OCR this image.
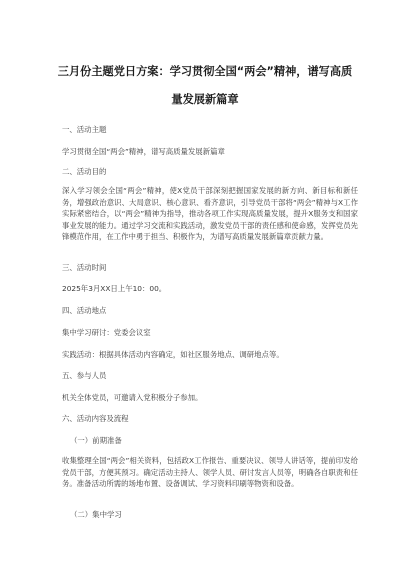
三月份主题党日方案：学习贯彻全国“两会”精神，谱写高质
量发展新篇章
一、活动主题
学习贯彻全国“两会”精神，谱写高质量发展新篇章
二、活动目的
深入学习领会全国“两会”精神，使X党员干部深刻把握国家发展的新方向、新目标和新任务，增强政治意识、大局意识、核心意识、看齐意识，引导党员干部将“两会”精神与X工作实际紧密结合，以“两会”精神为指导，推动各项工作实现高质量发展，提升X服务支和国家事业发展的能力。通过学习交流和实践活动，激发党员干部的责任感和使命感，发挥党员先锋模范作用，在工作中勇于担当、积极作为，为谱写高质量发展新篇章贡献力量。
三、活动时间
2025年3月XX日上午10：00。
四、活动地点
集中学习研讨：党委会议室
实践活动：根据具体活动内容确定，如社区服务地点、调研地点等。
五、参与人员
机关全体党员，可邀请入党积极分子参加。
六、活动内容及流程
（一）前期准备
收集整理全国“两会”相关资料，包括政X工作报告、重要决议、领导人讲话等，提前印发给党员干部，方便其预习。确定活动主持人、领学人员、研讨发言人员等，明确各自职责和任务。准备活动所需的场地布置、设备调试、学习资料印刷等物资和设备。
（二）集中学习
